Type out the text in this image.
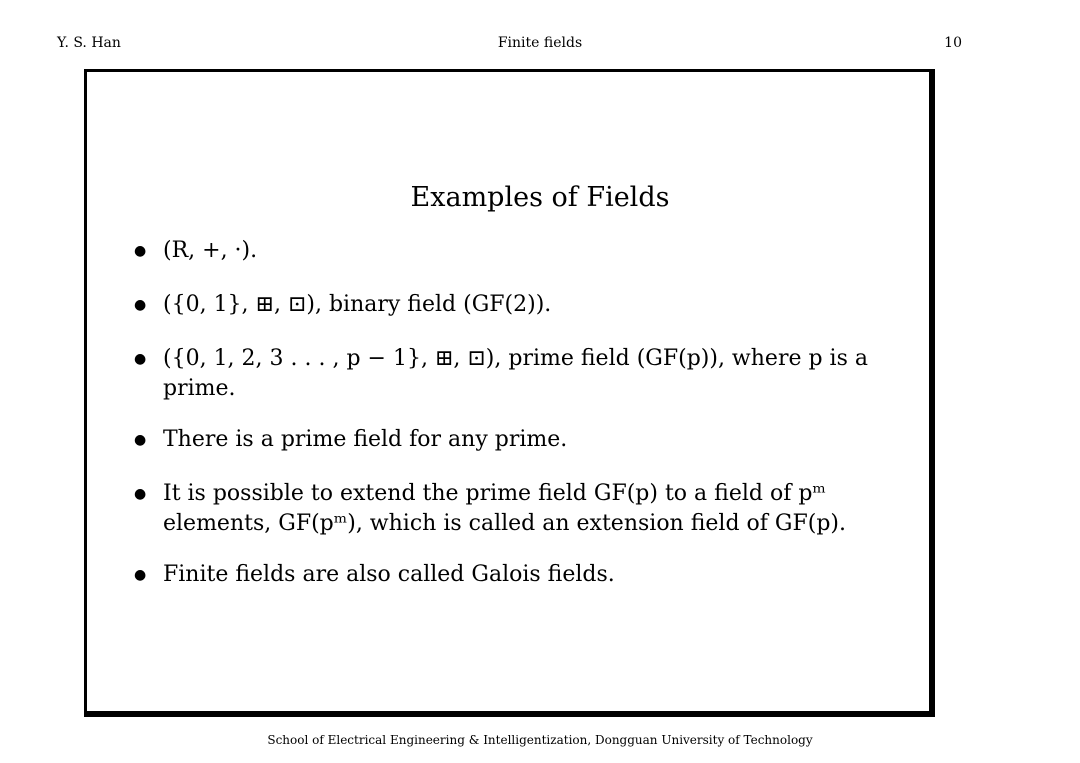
Y. S. Han	Finite fields	10
Examples of Fields
● (R, +, ·).
● ({0, 1}, ⊞, ⊡), binary field (GF(2)).
● ({0, 1, 2, 3 . . . , p − 1}, ⊞, ⊡), prime field (GF(p)), where p is a prime.
● There is a prime field for any prime.
● It is possible to extend the prime field GF(p) to a field of pᵐ elements, GF(pᵐ), which is called an extension field of GF(p).
● Finite fields are also called Galois fields.
School of Electrical Engineering & Intelligentization, Dongguan University of Technology
